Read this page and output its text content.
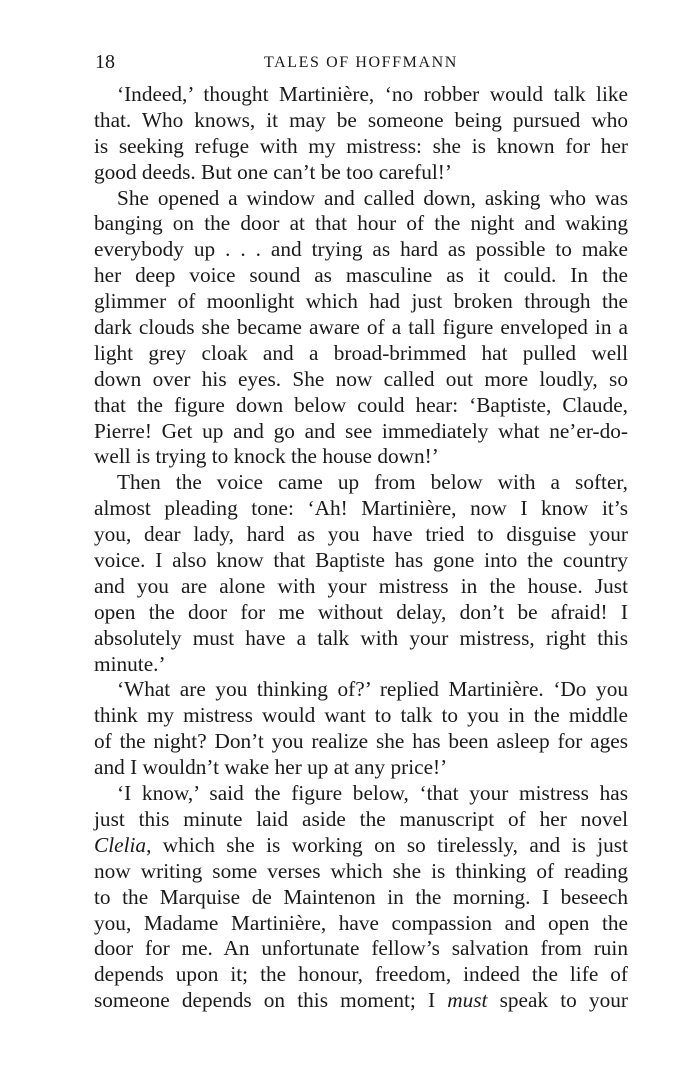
18	TALES OF HOFFMANN
‘Indeed,’ thought Martinière, ‘no robber would talk like
that. Who knows, it may be someone being pursued who
is seeking refuge with my mistress: she is known for her
good deeds. But one can’t be too careful!’
She opened a window and called down, asking who was
banging on the door at that hour of the night and waking
everybody up . . . and trying as hard as possible to make
her deep voice sound as masculine as it could. In the
glimmer of moonlight which had just broken through the
dark clouds she became aware of a tall figure enveloped in a
light grey cloak and a broad-brimmed hat pulled well
down over his eyes. She now called out more loudly, so
that the figure down below could hear: ‘Baptiste, Claude,
Pierre! Get up and go and see immediately what ne’er-do-
well is trying to knock the house down!’
Then the voice came up from below with a softer,
almost pleading tone: ‘Ah! Martinière, now I know it’s
you, dear lady, hard as you have tried to disguise your
voice. I also know that Baptiste has gone into the country
and you are alone with your mistress in the house. Just
open the door for me without delay, don’t be afraid! I
absolutely must have a talk with your mistress, right this
minute.’
‘What are you thinking of?’ replied Martinière. ‘Do you
think my mistress would want to talk to you in the middle
of the night? Don’t you realize she has been asleep for ages
and I wouldn’t wake her up at any price!’
‘I know,’ said the figure below, ‘that your mistress has
just this minute laid aside the manuscript of her novel
Clelia, which she is working on so tirelessly, and is just
now writing some verses which she is thinking of reading
to the Marquise de Maintenon in the morning. I beseech
you, Madame Martinière, have compassion and open the
door for me. An unfortunate fellow’s salvation from ruin
depends upon it; the honour, freedom, indeed the life of
someone depends on this moment; I must speak to your
